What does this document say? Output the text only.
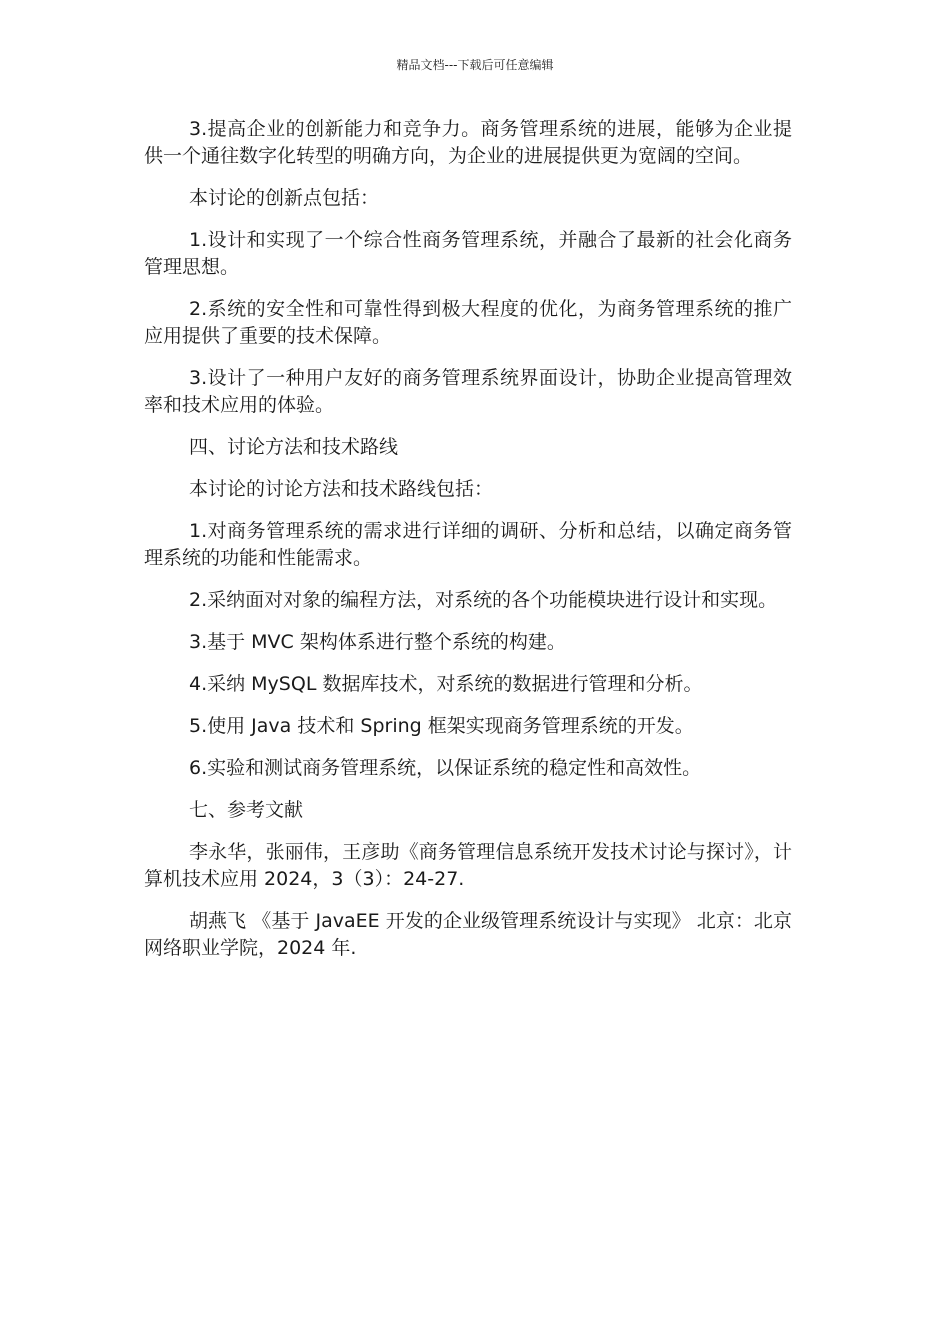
精品文档---下载后可任意编辑

3.提高企业的创新能力和竞争力。商务管理系统的进展，能够为企业提供一个通往数字化转型的明确方向，为企业的进展提供更为宽阔的空间。

本讨论的创新点包括：

1.设计和实现了一个综合性商务管理系统，并融合了最新的社会化商务管理思想。

2.系统的安全性和可靠性得到极大程度的优化，为商务管理系统的推广应用提供了重要的技术保障。

3.设计了一种用户友好的商务管理系统界面设计，协助企业提高管理效率和技术应用的体验。

四、讨论方法和技术路线

本讨论的讨论方法和技术路线包括：

1.对商务管理系统的需求进行详细的调研、分析和总结，以确定商务管理系统的功能和性能需求。

2.采纳面对对象的编程方法，对系统的各个功能模块进行设计和实现。

3.基于 MVC 架构体系进行整个系统的构建。

4.采纳 MySQL 数据库技术，对系统的数据进行管理和分析。

5.使用 Java 技术和 Spring 框架实现商务管理系统的开发。

6.实验和测试商务管理系统，以保证系统的稳定性和高效性。

七、参考文献

李永华，张丽伟，王彦助《商务管理信息系统开发技术讨论与探讨》，计算机技术应用 2024，3（3）：24-27.

胡燕飞 《基于 JavaEE 开发的企业级管理系统设计与实现》 北京：北京网络职业学院，2024 年.
